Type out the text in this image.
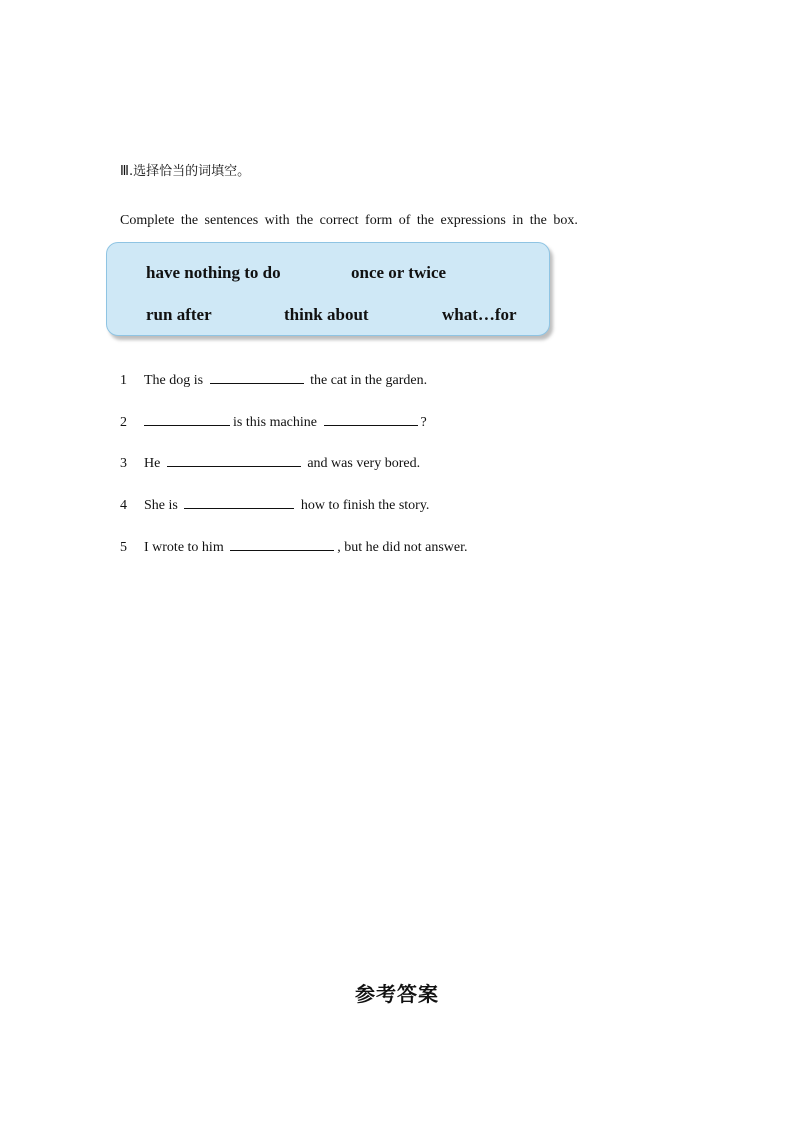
Ⅲ.选择恰当的词填空。
Complete the sentences with the correct form of the expressions in the box.
have nothing to do	once or twice
run after	think about	what…for
1 The dog is	the cat in the garden.
2	is this machine	?
3 He	and was very bored.
4 She is	how to finish the story.
5 I wrote to him	, but he did not answer.
参考答案
